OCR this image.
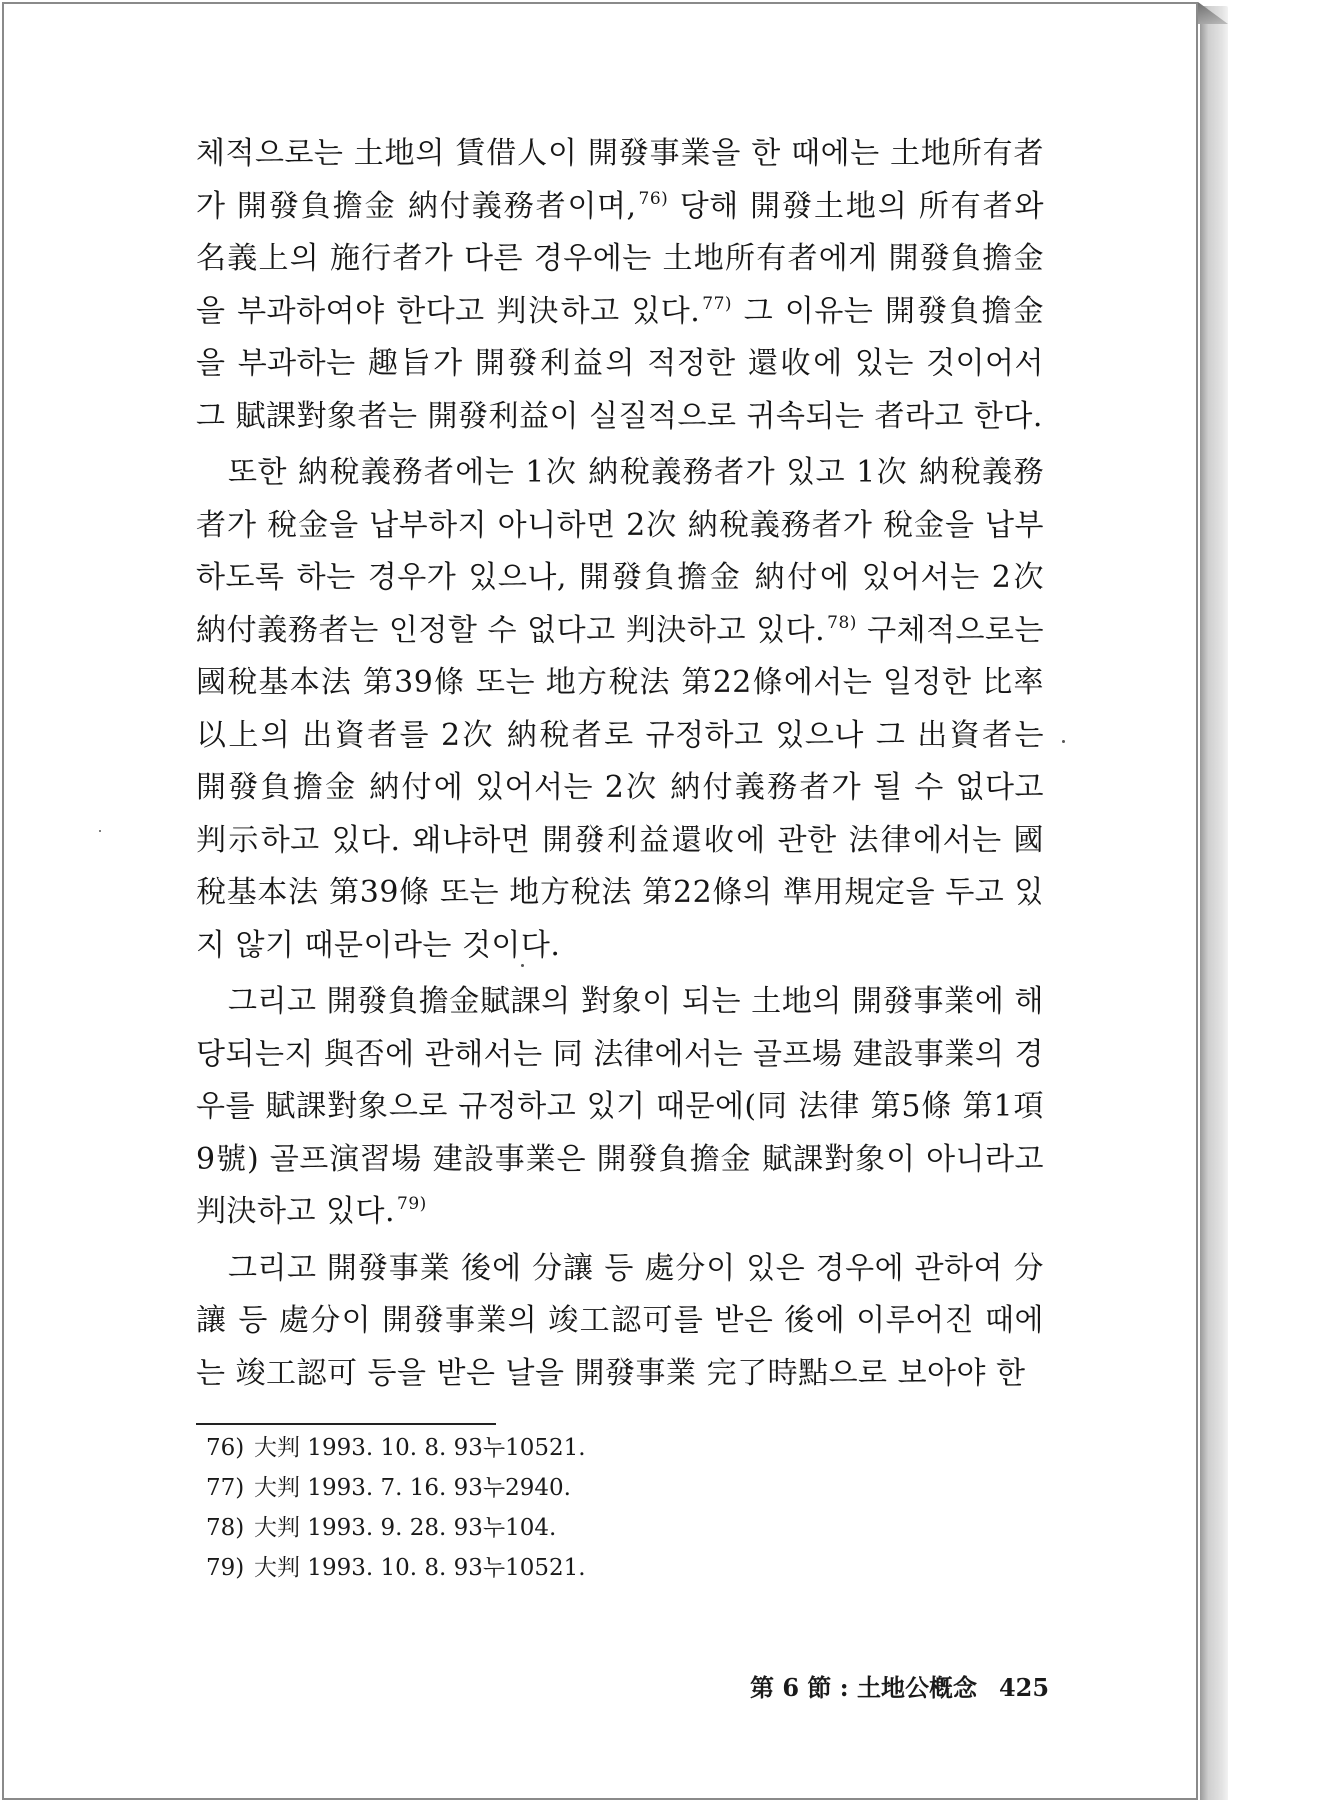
체적으로는 土地의 賃借人이 開發事業을 한 때에는 土地所有者가 開發負擔金 納付義務者이며, $^{76)}$ 당해 開發土地의 所有者와 名義上의 施行者가 다른 경우에는 土地所有者에게 開發負擔金을 부과하여야 한다고 判決하고 있다. $^{77)}$ 그 이유는 開發負擔金을 부과하는 趣旨가 開發利益의 적정한 還收에 있는 것이어서 그 賦課對象者는 開發利益이 실질적으로 귀속되는 者라고 한다.

또한 納稅義務者에는 1次 納稅義務者가 있고 1次 納稅義務者가 稅金을 납부하지 아니하면 2次 納稅義務者가 稅金을 납부하도록 하는 경우가 있으나, 開發負擔金 納付에 있어서는 2次 納付義務者는 인정할 수 없다고 判決하고 있다. $^{78)}$ 구체적으로는 國稅基本法 第39條 또는 地方稅法 第22條에서는 일정한 比率 以上의 出資者를 2次 納稅者로 규정하고 있으나 그 出資者는 開發負擔金 納付에 있어서는 2次 納付義務者가 될 수 없다고 判示하고 있다. 왜냐하면 開發利益還收에 관한 法律에서는 國稅基本法 第39條 또는 地方稅法 第22條의 準用規定을 두고 있지 않기 때문이라는 것이다.

그리고 開發負擔金賦課의 對象이 되는 土地의 開發事業에 해당되는지 與否에 관해서는 同 法律에서는 골프場 建設事業의 경우를 賦課對象으로 규정하고 있기 때문에(同 法律 第5條 第1項 9號) 골프演習場 建設事業은 開發負擔金 賦課對象이 아니라고 判決하고 있다. $^{79)}$

그리고 開發事業 後에 分讓 등 處分이 있은 경우에 관하여 分讓 등 處分이 開發事業의 竣工認可를 받은 後에 이루어진 때에는 竣工認可 등을 받은 날을 開發事業 完了時點으로 보아야 한

76) 大判 1993. 10. 8. 93누10521.
77) 大判 1993. 7. 16. 93누2940.
78) 大判 1993. 9. 28. 93누104.
79) 大判 1993. 10. 8. 93누10521.
第 6 節 : 土地公槪念 425
